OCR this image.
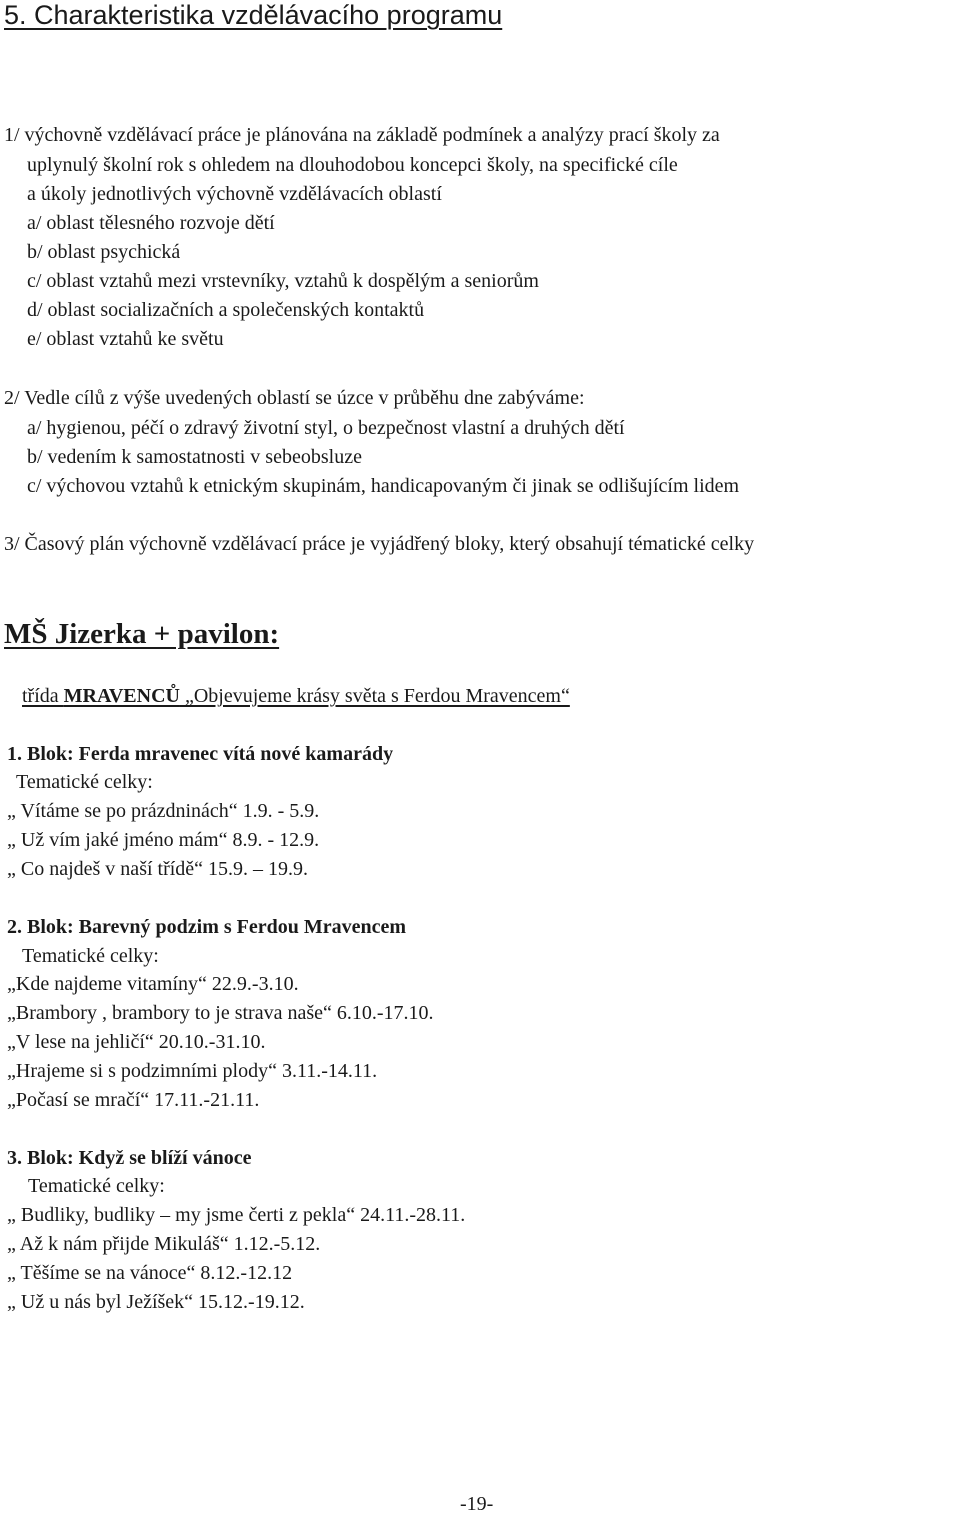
5. Charakteristika vzdělávacího programu
1/ výchovně vzdělávací práce je plánována na základě podmínek a analýzy prací školy za
uplynulý školní rok s ohledem na dlouhodobou koncepci školy, na specifické cíle
a úkoly jednotlivých výchovně vzdělávacích oblastí
a/ oblast tělesného rozvoje dětí
b/ oblast psychická
c/ oblast vztahů mezi vrstevníky, vztahů k dospělým a seniorům
d/ oblast socializačních a společenských kontaktů
e/ oblast vztahů ke světu
2/ Vedle cílů z výše uvedených oblastí se úzce v průběhu dne zabýváme:
a/ hygienou, péčí o zdravý životní styl, o bezpečnost vlastní a druhých dětí
b/ vedením k samostatnosti v sebeobsluze
c/ výchovou vztahů k etnickým skupinám, handicapovaným či jinak se odlišujícím lidem
3/ Časový plán výchovně vzdělávací práce je vyjádřený bloky, který obsahují tématické celky
MŠ Jizerka + pavilon:
třída MRAVENCŮ „Objevujeme krásy světa s Ferdou Mravencem“
1. Blok: Ferda mravenec vítá nové kamarády
Tematické celky:
„ Vítáme se po prázdninách“ 1.9. - 5.9.
„ Už vím jaké jméno mám“ 8.9. - 12.9.
„ Co najdeš v naší třídě“ 15.9. – 19.9.
2. Blok: Barevný podzim s Ferdou Mravencem
Tematické celky:
„Kde najdeme vitamíny“ 22.9.-3.10.
„Brambory , brambory to je strava naše“ 6.10.-17.10.
„V lese na jehličí“ 20.10.-31.10.
„Hrajeme si s podzimními plody“ 3.11.-14.11.
„Počasí se mračí“ 17.11.-21.11.
3. Blok: Když se blíží vánoce
Tematické celky:
„ Budliky, budliky – my jsme čerti z pekla“ 24.11.-28.11.
„ Až k nám přijde Mikuláš“ 1.12.-5.12.
„ Těšíme se na vánoce“ 8.12.-12.12
„ Už u nás byl Ježíšek“ 15.12.-19.12.
-19-
